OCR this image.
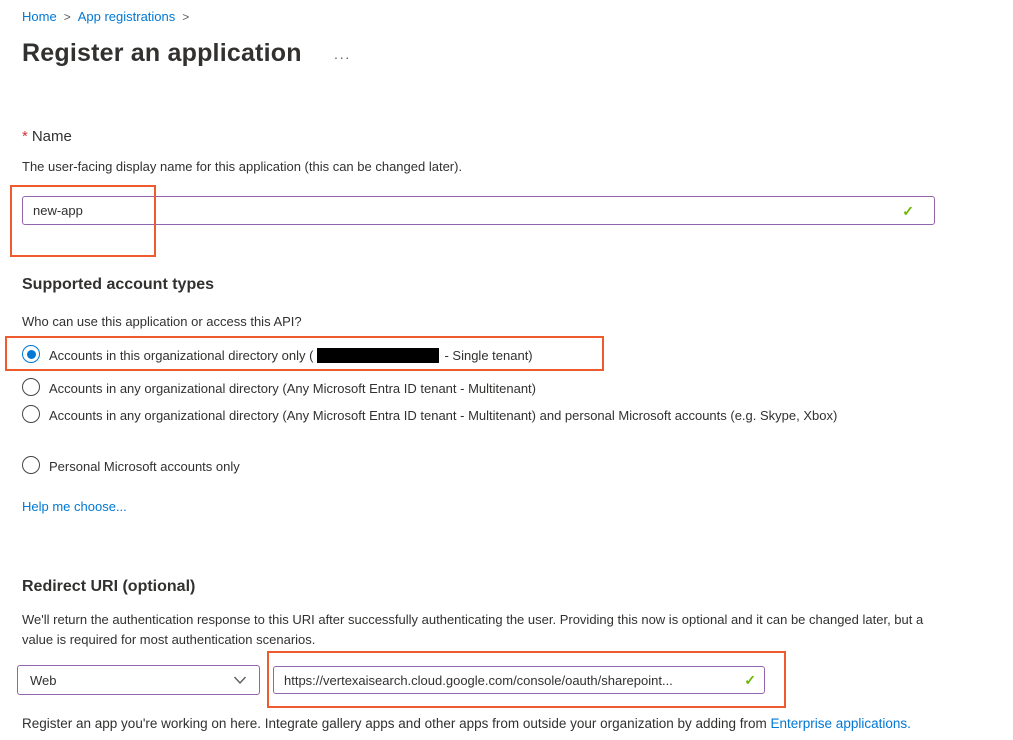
Home > App registrations >
Register an application ···
* Name
The user-facing display name for this application (this can be changed later).
new-app	✓
Supported account types
Who can use this application or access this API?
Accounts in this organizational directory only (	- Single tenant)
Accounts in any organizational directory (Any Microsoft Entra ID tenant - Multitenant)
Accounts in any organizational directory (Any Microsoft Entra ID tenant - Multitenant) and personal Microsoft accounts (e.g. Skype, Xbox)
Personal Microsoft accounts only
Help me choose...
Redirect URI (optional)
We'll return the authentication response to this URI after successfully authenticating the user. Providing this now is optional and it can be changed later, but a value is required for most authentication scenarios.
Web	https://vertexaisearch.cloud.google.com/console/oauth/sharepoint...	✓
Register an app you're working on here. Integrate gallery apps and other apps from outside your organization by adding from Enterprise applications.
